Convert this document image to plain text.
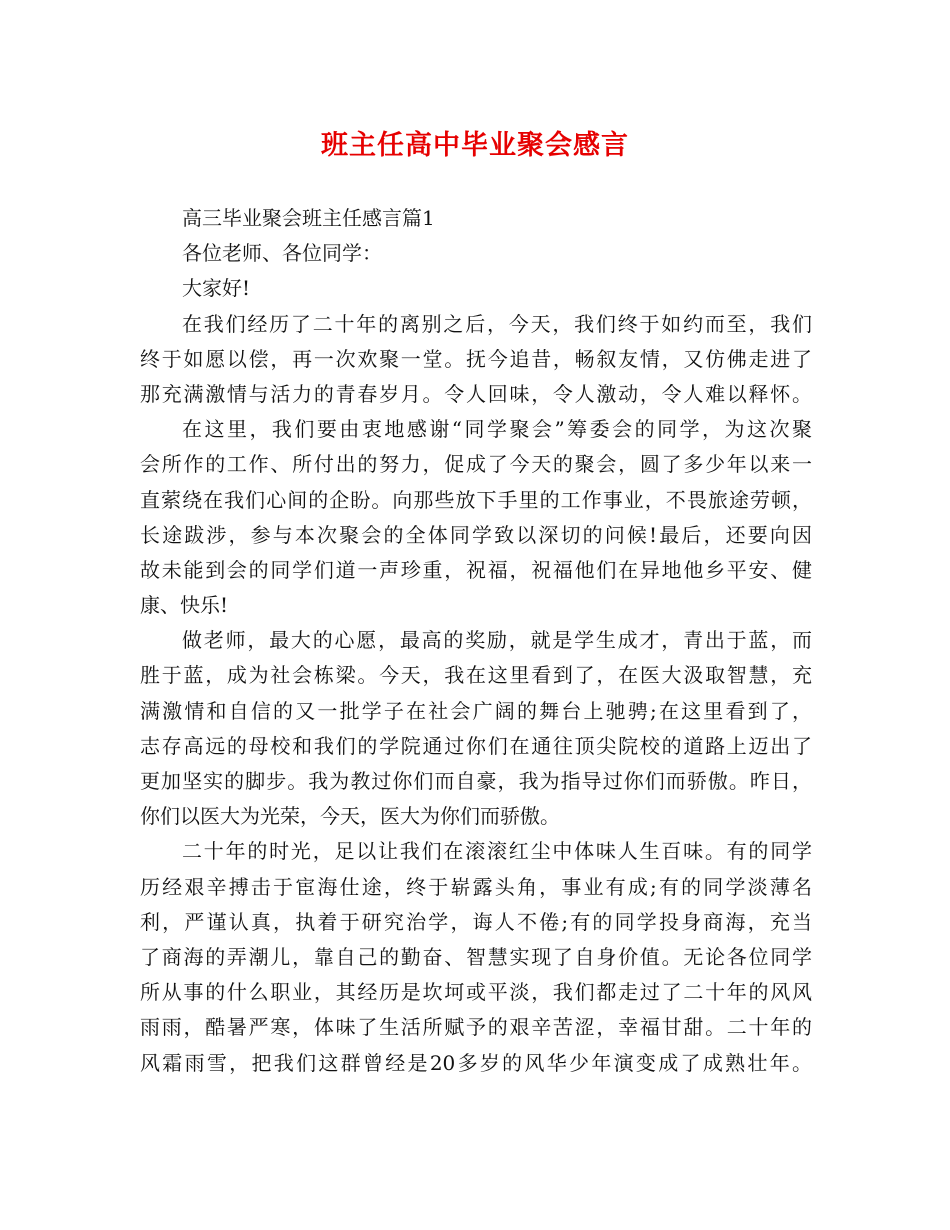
班主任高中毕业聚会感言
高三毕业聚会班主任感言篇1
各位老师、各位同学：
大家好!
在我们经历了二十年的离别之后，今天，我们终于如约而至，我们
终于如愿以偿，再一次欢聚一堂。抚今追昔，畅叙友情，又仿佛走进了
那充满激情与活力的青春岁月。令人回味，令人激动，令人难以释怀。
在这里，我们要由衷地感谢“同学聚会”筹委会的同学，为这次聚
会所作的工作、所付出的努力，促成了今天的聚会，圆了多少年以来一
直萦绕在我们心间的企盼。向那些放下手里的工作事业，不畏旅途劳顿，
长途跋涉，参与本次聚会的全体同学致以深切的问候!最后，还要向因
故未能到会的同学们道一声珍重，祝福，祝福他们在异地他乡平安、健
康、快乐!
做老师，最大的心愿，最高的奖励，就是学生成才，青出于蓝，而
胜于蓝，成为社会栋梁。今天，我在这里看到了，在医大汲取智慧，充
满激情和自信的又一批学子在社会广阔的舞台上驰骋;在这里看到了，
志存高远的母校和我们的学院通过你们在通往顶尖院校的道路上迈出了
更加坚实的脚步。我为教过你们而自豪，我为指导过你们而骄傲。昨日，
你们以医大为光荣，今天，医大为你们而骄傲。
二十年的时光，足以让我们在滚滚红尘中体味人生百味。有的同学
历经艰辛搏击于宦海仕途，终于崭露头角，事业有成;有的同学淡薄名
利，严谨认真，执着于研究治学，诲人不倦;有的同学投身商海，充当
了商海的弄潮儿，靠自己的勤奋、智慧实现了自身价值。无论各位同学
所从事的什么职业，其经历是坎坷或平淡，我们都走过了二十年的风风
雨雨，酷暑严寒，体味了生活所赋予的艰辛苦涩，幸福甘甜。二十年的
风霜雨雪，把我们这群曾经是20多岁的风华少年演变成了成熟壮年。
